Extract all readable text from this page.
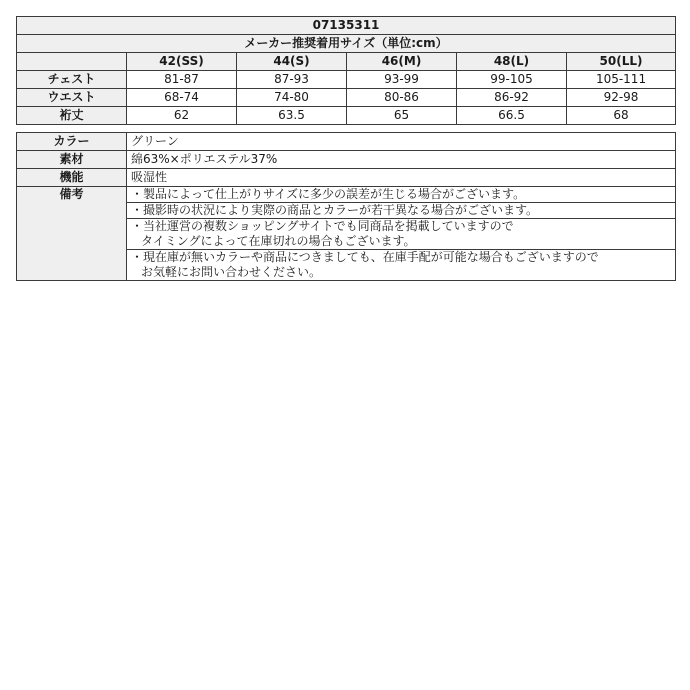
07135311					
メーカー推奨着用サイズ（単位:cm）					
	42(SS)	44(S)	46(M)	48(L)	50(LL)
チェスト	81-87	87-93	93-99	99-105	105-111
ウエスト	68-74	74-80	80-86	86-92	92-98
裄丈	62	63.5	65	66.5	68
カラー	グリーン
素材	綿63%×ポリエステル37%
機能	吸湿性
備考	・製品によって仕上がりサイズに多少の誤差が生じる場合がございます。

	・撮影時の状況により実際の商品とカラーが若干異なる場合がございます。

	・当社運営の複数ショッピングサイトでも同商品を掲載していますので
タイミングによって在庫切れの場合もございます。

	・現在庫が無いカラーや商品につきましても、在庫手配が可能な場合もございますので
お気軽にお問い合わせください。
